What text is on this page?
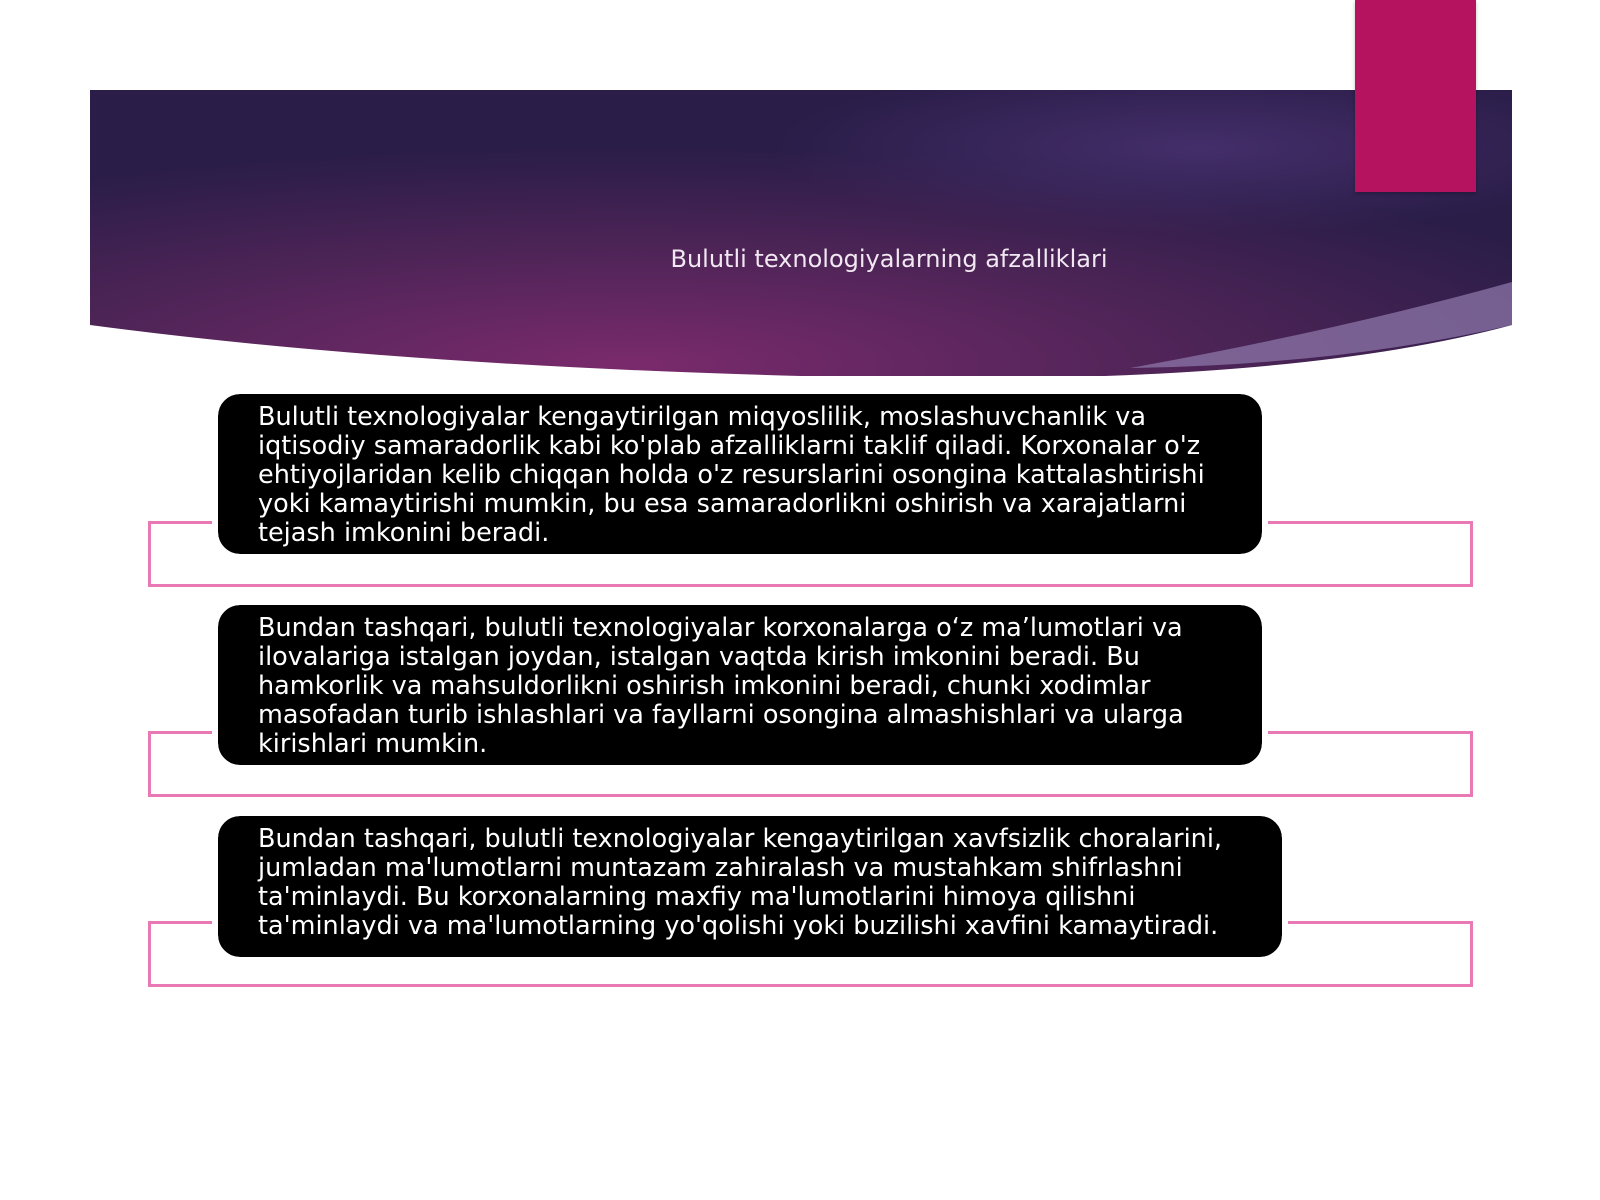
Bulutli texnologiyalarning afzalliklari
Bulutli texnologiyalar kengaytirilgan miqyoslilik, moslashuvchanlik va iqtisodiy samaradorlik kabi ko'plab afzalliklarni taklif qiladi. Korxonalar o'z ehtiyojlaridan kelib chiqqan holda o'z resurslarini osongina kattalashtirishi yoki kamaytirishi mumkin, bu esa samaradorlikni oshirish va xarajatlarni tejash imkonini beradi.
Bundan tashqari, bulutli texnologiyalar korxonalarga o‘z ma’lumotlari va ilovalariga istalgan joydan, istalgan vaqtda kirish imkonini beradi. Bu hamkorlik va mahsuldorlikni oshirish imkonini beradi, chunki xodimlar masofadan turib ishlashlari va fayllarni osongina almashishlari va ularga kirishlari mumkin.
Bundan tashqari, bulutli texnologiyalar kengaytirilgan xavfsizlik choralarini, jumladan ma'lumotlarni muntazam zahiralash va mustahkam shifrlashni ta'minlaydi. Bu korxonalarning maxfiy ma'lumotlarini himoya qilishni ta'minlaydi va ma'lumotlarning yo'qolishi yoki buzilishi xavfini kamaytiradi.
